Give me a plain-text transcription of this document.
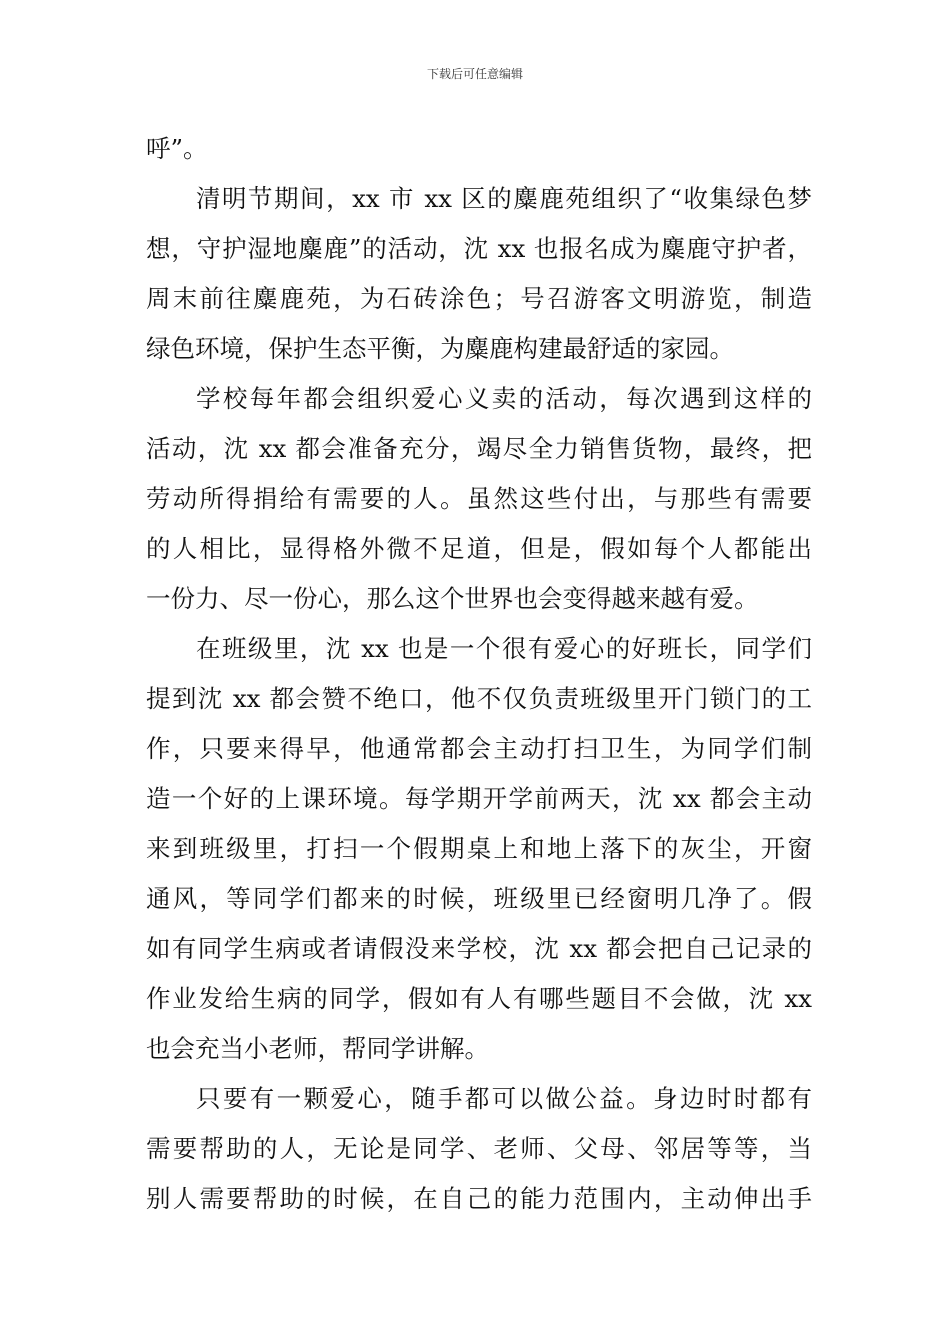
下载后可任意编辑
呼”。
清明节期间，xx 市 xx 区的麋鹿苑组织了“收集绿色梦
想，守护湿地麋鹿”的活动，沈 xx 也报名成为麋鹿守护者，
周末前往麋鹿苑，为石砖涂色；号召游客文明游览，制造
绿色环境，保护生态平衡，为麋鹿构建最舒适的家园。
学校每年都会组织爱心义卖的活动，每次遇到这样的
活动，沈 xx 都会准备充分，竭尽全力销售货物，最终，把
劳动所得捐给有需要的人。虽然这些付出，与那些有需要
的人相比，显得格外微不足道，但是，假如每个人都能出
一份力、尽一份心，那么这个世界也会变得越来越有爱。
在班级里，沈 xx 也是一个很有爱心的好班长，同学们
提到沈 xx 都会赞不绝口，他不仅负责班级里开门锁门的工
作，只要来得早，他通常都会主动打扫卫生，为同学们制
造一个好的上课环境。每学期开学前两天，沈 xx 都会主动
来到班级里，打扫一个假期桌上和地上落下的灰尘，开窗
通风，等同学们都来的时候，班级里已经窗明几净了。假
如有同学生病或者请假没来学校，沈 xx 都会把自己记录的
作业发给生病的同学，假如有人有哪些题目不会做，沈 xx
也会充当小老师，帮同学讲解。
只要有一颗爱心，随手都可以做公益。身边时时都有
需要帮助的人，无论是同学、老师、父母、邻居等等，当
别人需要帮助的时候，在自己的能力范围内，主动伸出手
